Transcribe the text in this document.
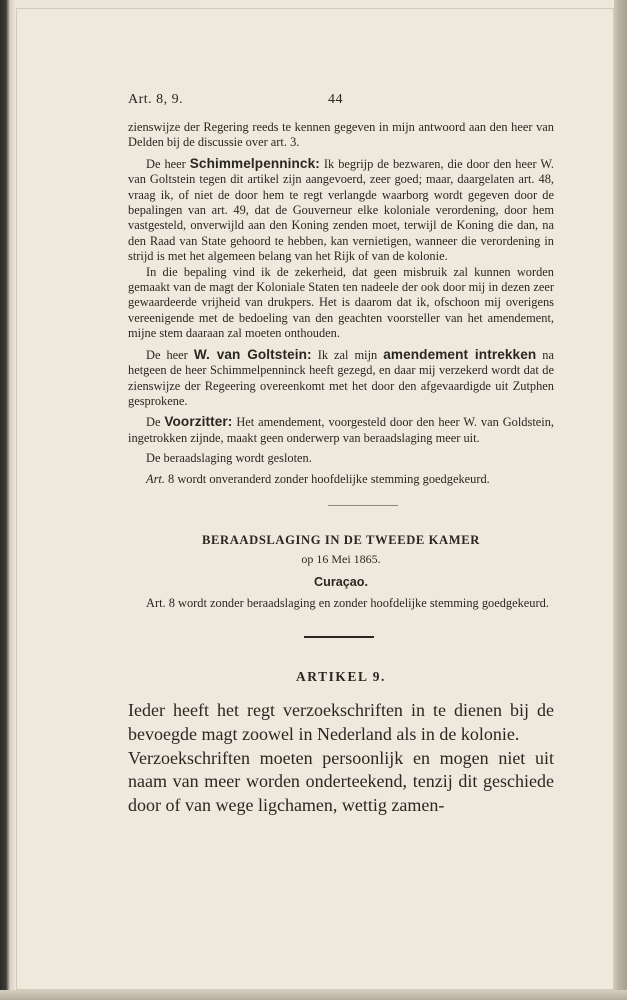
Art. 8, 9.	44

zienswijze der Regering reeds te kennen gegeven in mijn antwoord aan den heer van Delden bij de discussie over art. 3.

De heer Schimmelpenninck: Ik begrijp de bezwaren, die door den heer W. van Goltstein tegen dit artikel zijn aangevoerd, zeer goed; maar, daargelaten art. 48, vraag ik, of niet de door hem te regt verlangde waarborg wordt gegeven door de bepalingen van art. 49, dat de Gouverneur elke koloniale verordening, door hem vastgesteld, onverwijld aan den Koning zenden moet, terwijl de Koning die dan, na den Raad van State gehoord te hebben, kan vernietigen, wanneer die verordening in strijd is met het algemeen belang van het Rijk of van de kolonie.

In die bepaling vind ik de zekerheid, dat geen misbruik zal kunnen worden gemaakt van de magt der Koloniale Staten ten nadeele der ook door mij in dezen zeer gewaardeerde vrijheid van drukpers. Het is daarom dat ik, ofschoon mij overigens vereenigende met de bedoeling van den geachten voorsteller van het amendement, mijne stem daaraan zal moeten onthouden.

De heer W. van Goltstein: Ik zal mijn amendement intrekken na hetgeen de heer Schimmelpenninck heeft gezegd, en daar mij verzekerd wordt dat de zienswijze der Regeering overeenkomt met het door den afgevaardigde uit Zutphen gesprokene.

De Voorzitter: Het amendement, voorgesteld door den heer W. van Goldstein, ingetrokken zijnde, maakt geen onderwerp van beraadslaging meer uit.

De beraadslaging wordt gesloten.

Art. 8 wordt onveranderd zonder hoofdelijke stemming goedgekeurd.

BERAADSLAGING IN DE TWEEDE KAMER
op 16 Mei 1865.
Curaçao.

Art. 8 wordt zonder beraadslaging en zonder hoofdelijke stemming goedgekeurd.

ARTIKEL 9.

Ieder heeft het regt verzoekschriften in te dienen bij de bevoegde magt zoowel in Nederland als in de kolonie.

Verzoekschriften moeten persoonlijk en mogen niet uit naam van meer worden onderteekend, tenzij dit geschiede door of van wege ligchamen, wettig zamen-
